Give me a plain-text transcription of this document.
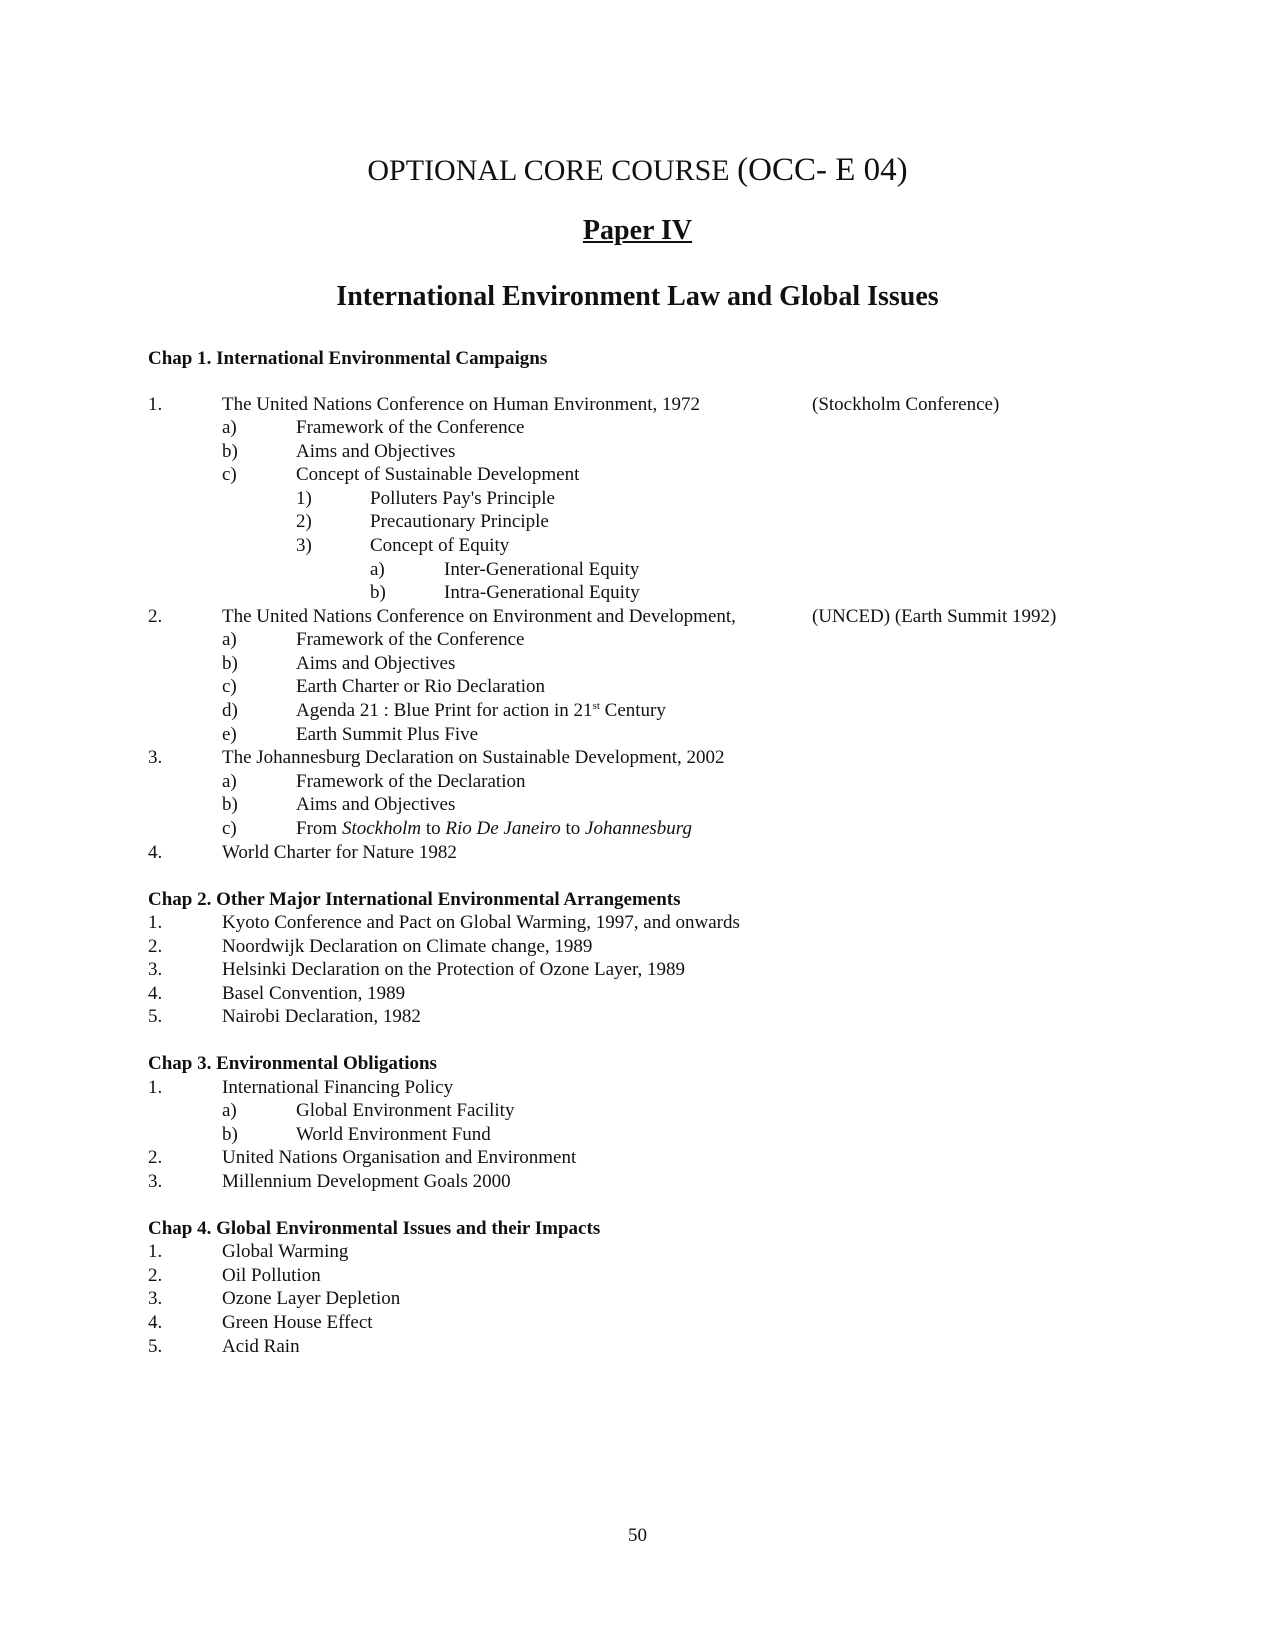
OPTIONAL CORE COURSE (OCC- E 04)
Paper IV
International Environment Law and Global Issues
Chap 1. International Environmental Campaigns
1.	The United Nations Conference on Human Environment, 1972	(Stockholm Conference)
a)	Framework of the Conference
b)	Aims and Objectives
c)	Concept of Sustainable Development
1)	Polluters Pay's Principle
2)	Precautionary Principle
3)	Concept of Equity
a)	Inter-Generational Equity
b)	Intra-Generational Equity
2.	The United Nations Conference on Environment and Development,	(UNCED) (Earth Summit 1992)
a)	Framework of the Conference
b)	Aims and Objectives
c)	Earth Charter or Rio Declaration
d)	Agenda 21 : Blue Print for action in 21st Century
e)	Earth Summit Plus Five
3.	The Johannesburg Declaration on Sustainable Development, 2002
a)	Framework of the Declaration
b)	Aims and Objectives
c)	From Stockholm to Rio De Janeiro to Johannesburg
4.	World Charter for Nature 1982
Chap 2. Other Major International Environmental Arrangements
1.	Kyoto Conference and Pact on Global Warming, 1997, and onwards
2.	Noordwijk Declaration on Climate change, 1989
3.	Helsinki Declaration on the Protection of Ozone Layer, 1989
4.	Basel Convention, 1989
5.	Nairobi Declaration, 1982
Chap 3. Environmental Obligations
1.	International Financing Policy
a)	Global Environment Facility
b)	World Environment Fund
2.	United Nations Organisation and Environment
3.	Millennium Development Goals 2000
Chap 4. Global Environmental Issues and their Impacts
1.	Global Warming
2.	Oil Pollution
3.	Ozone Layer Depletion
4.	Green House Effect
5.	Acid Rain
50
